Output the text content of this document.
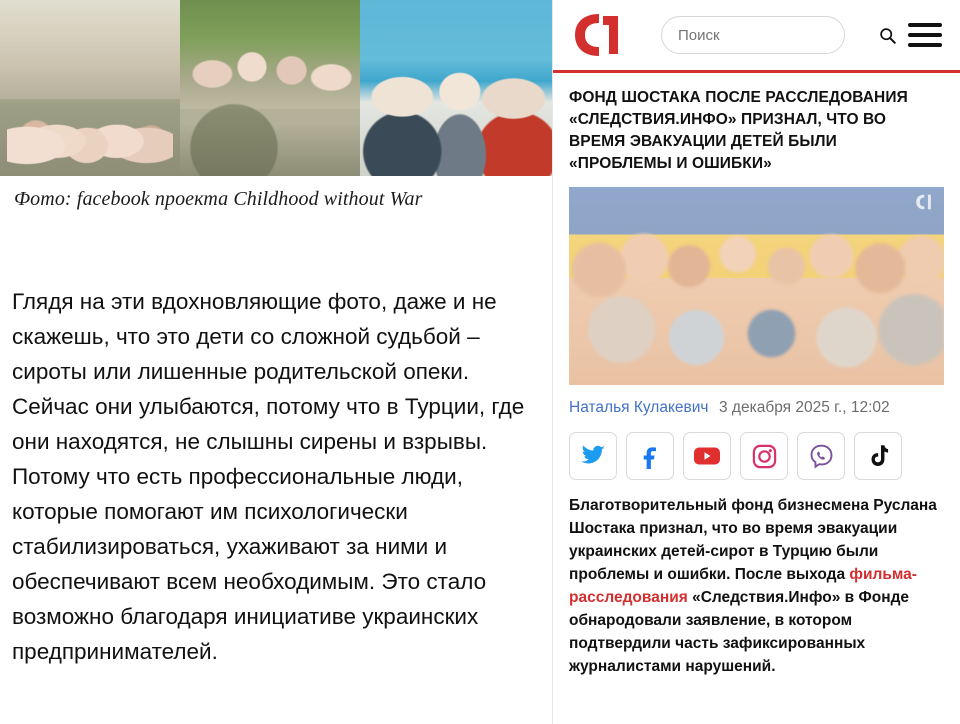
Фото: facebook проекта Childhood without War
Глядя на эти вдохновляющие фото, даже и не скажешь, что это дети со сложной судьбой – сироты или лишенные родительской опеки. Сейчас они улыбаются, потому что в Турции, где они находятся, не слышны сирены и взрывы. Потому что есть профессиональные люди, которые помогают им психологически стабилизироваться, ухаживают за ними и обеспечивают всем необходимым. Это стало возможно благодаря инициативе украинских предпринимателей.
Поиск
ФОНД ШОСТАКА ПОСЛЕ РАССЛЕДОВАНИЯ «СЛЕДСТВИЯ.ИНФО» ПРИЗНАЛ, ЧТО ВО ВРЕМЯ ЭВАКУАЦИИ ДЕТЕЙ БЫЛИ «ПРОБЛЕМЫ И ОШИБКИ»
Наталья Кулакевич 3 декабря 2025 г., 12:02
Благотворительный фонд бизнесмена Руслана Шостака признал, что во время эвакуации украинских детей-сирот в Турцию были проблемы и ошибки. После выхода фильма-расследования «Следствия.Инфо» в Фонде обнародовали заявление, в котором подтвердили часть зафиксированных журналистами нарушений.
